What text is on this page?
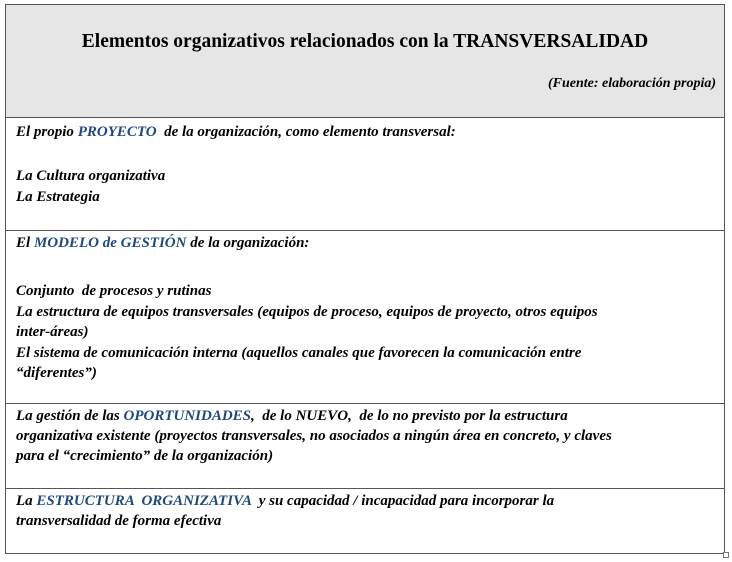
Elementos organizativos relacionados con la TRANSVERSALIDAD
(Fuente: elaboración propia)
El propio PROYECTO  de la organización, como elemento transversal:
La Cultura organizativa
La Estrategia
El MODELO de GESTIÓN de la organización:
Conjunto  de procesos y rutinas
La estructura de equipos transversales (equipos de proceso, equipos de proyecto, otros equipos
inter-áreas)
El sistema de comunicación interna (aquellos canales que favorecen la comunicación entre
“diferentes”)
La gestión de las OPORTUNIDADES,  de lo NUEVO,  de lo no previsto por la estructura
organizativa existente (proyectos transversales, no asociados a ningún área en concreto, y claves
para el “crecimiento” de la organización)
La ESTRUCTURA  ORGANIZATIVA  y su capacidad / incapacidad para incorporar la
transversalidad de forma efectiva
